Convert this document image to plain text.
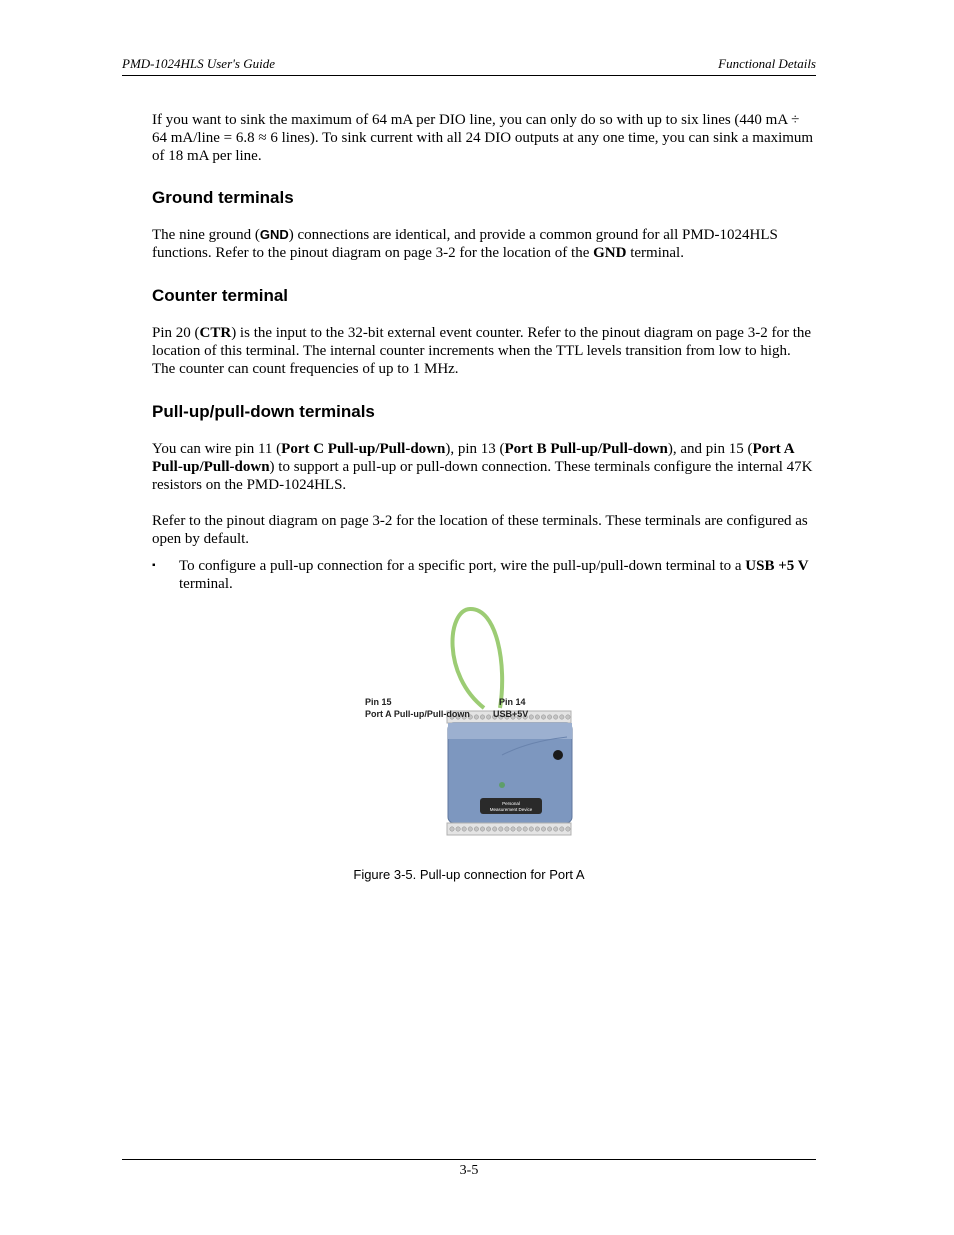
PMD-1024HLS User's Guide	Functional Details

If you want to sink the maximum of 64 mA per DIO line, you can only do so with up to six lines (440 mA ÷ 64 mA/line = 6.8 ≈ 6 lines). To sink current with all 24 DIO outputs at any one time, you can sink a maximum of 18 mA per line.

Ground terminals

The nine ground (GND) connections are identical, and provide a common ground for all PMD-1024HLS functions. Refer to the pinout diagram on page 3-2 for the location of the GND terminal.

Counter terminal

Pin 20 (CTR) is the input to the 32-bit external event counter. Refer to the pinout diagram on page 3-2 for the location of this terminal. The internal counter increments when the TTL levels transition from low to high. The counter can count frequencies of up to 1 MHz.

Pull-up/pull-down terminals

You can wire pin 11 (Port C Pull-up/Pull-down), pin 13 (Port B Pull-up/Pull-down), and pin 15 (Port A Pull-up/Pull-down) to support a pull-up or pull-down connection. These terminals configure the internal 47K resistors on the PMD-1024HLS.

Refer to the pinout diagram on page 3-2 for the location of these terminals. These terminals are configured as open by default.

▪ To configure a pull-up connection for a specific port, wire the pull-up/pull-down terminal to a USB +5 V terminal.
Personal
Measurement Device
Pin 15
Port A Pull-up/Pull-down
Pin 14
USB+5V
Figure 3-5. Pull-up connection for Port A
3-5
